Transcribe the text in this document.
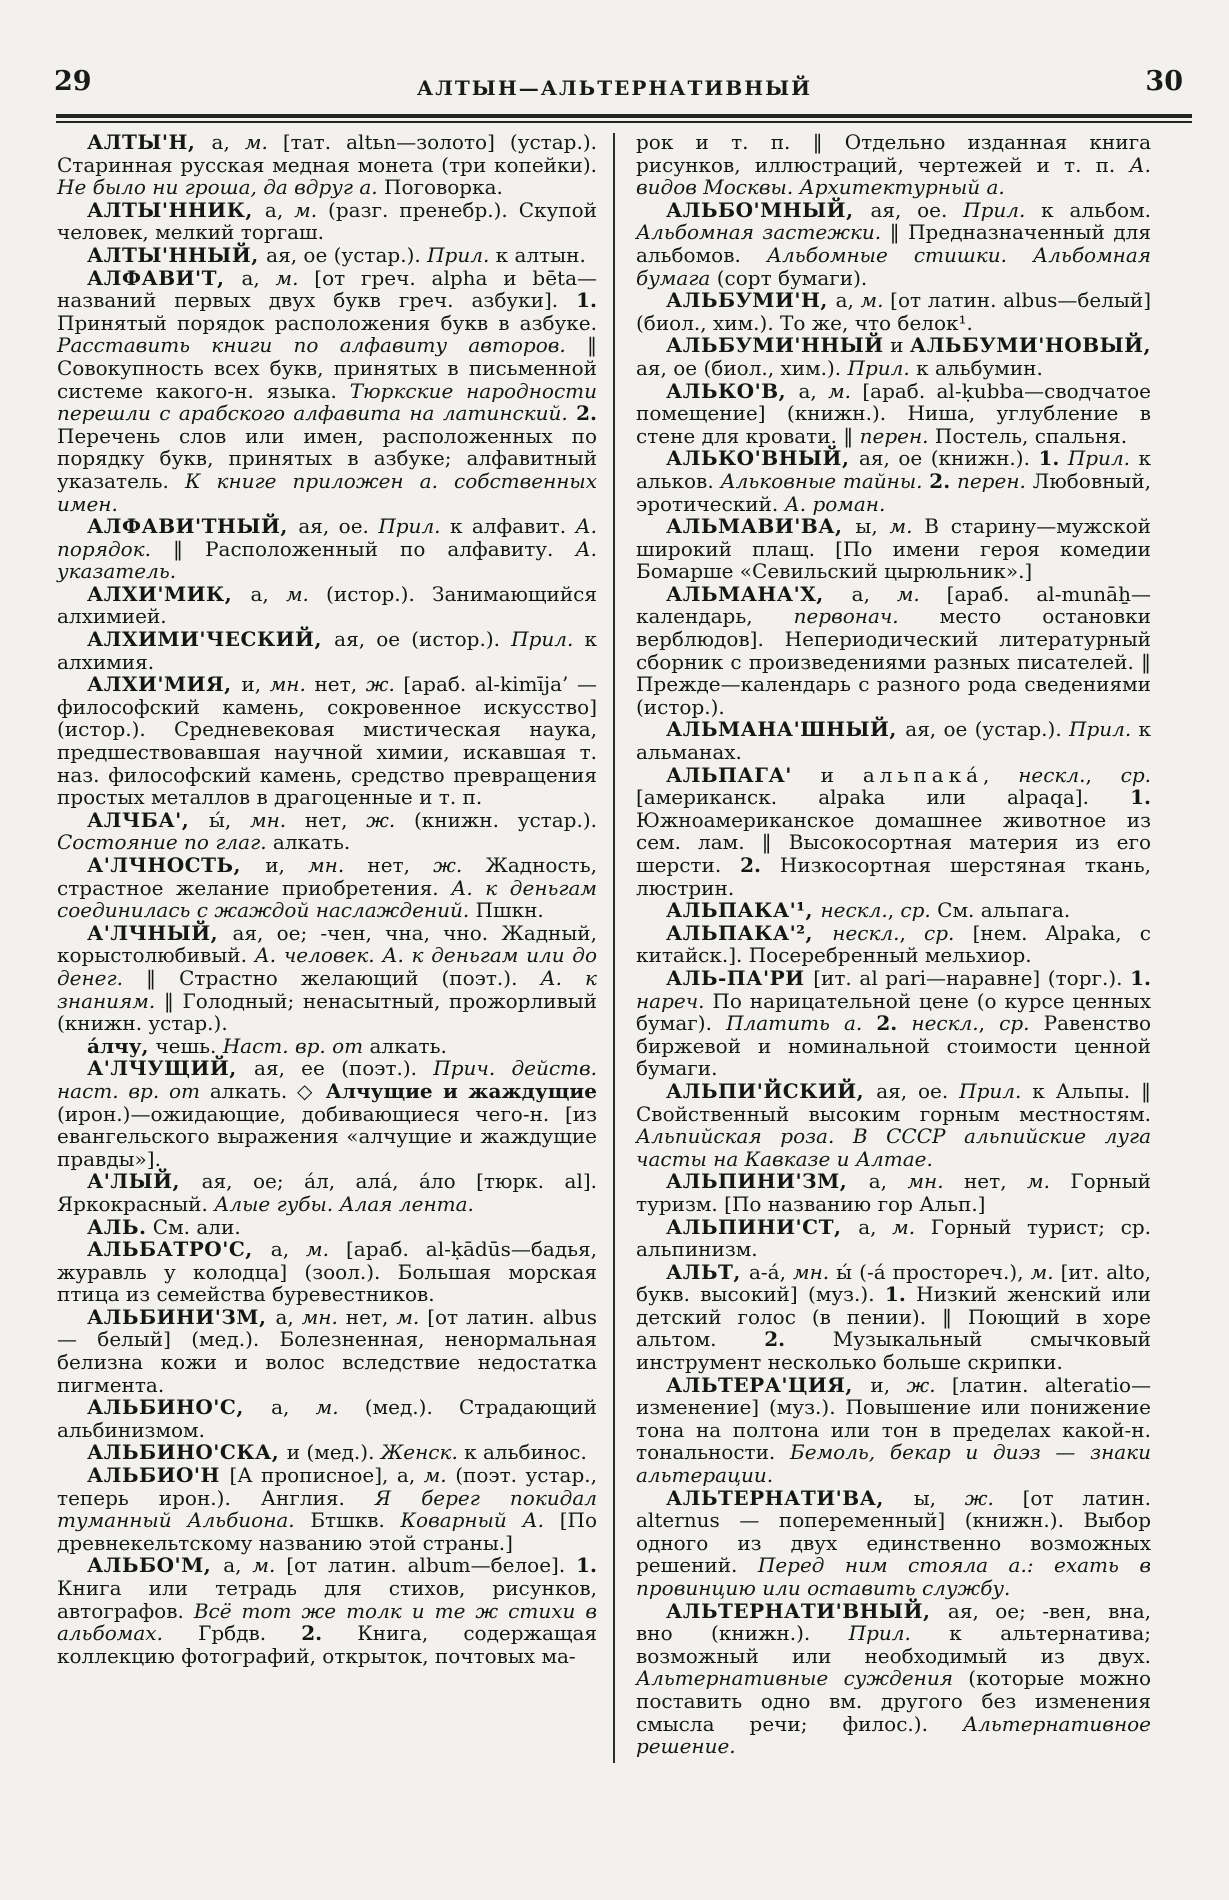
29	АЛТЫН—АЛЬТЕРНАТИВНЫЙ	30

АЛТЫ'Н, а, м. [тат. altьn—золото] (устар.). Старинная русская медная монета (три копейки). Не было ни гроша, да вдруг а. Поговорка.

АЛТЫ'ННИК, а, м. (разг. пренебр.). Скупой человек, мелкий торгаш.

АЛТЫ'ННЫЙ, ая, ое (устар.). Прил. к алтын.

АЛФАВИ'Т, а, м. [от греч. alpha и bēta—названий первых двух букв греч. азбуки]. 1. Принятый порядок расположения букв в азбуке. Расставить книги по алфавиту авторов. ‖ Совокупность всех букв, принятых в письменной системе какого-н. языка. Тюркские народности перешли с арабского алфавита на латинский. 2. Перечень слов или имен, расположенных по порядку букв, принятых в азбуке; алфавитный указатель. К книге приложен а. собственных имен.

АЛФАВИ'ТНЫЙ, ая, ое. Прил. к алфавит. А. порядок. ‖ Расположенный по алфавиту. А. указатель.

АЛХИ'МИК, а, м. (истор.). Занимающийся алхимией.

АЛХИМИ'ЧЕСКИЙ, ая, ое (истор.). Прил. к алхимия.

АЛХИ'МИЯ, и, мн. нет, ж. [араб. al-kimīja’ — философский камень, сокровенное искусство] (истор.). Средневековая мистическая наука, предшествовавшая научной химии, искавшая т. наз. философский камень, средство превращения простых металлов в драгоценные и т. п.

АЛЧБА', ы́, мн. нет, ж. (книжн. устар.). Состояние по глаг. алкать.

А'ЛЧНОСТЬ, и, мн. нет, ж. Жадность, страстное желание приобретения. А. к деньгам соединилась с жаждой наслаждений. Пшкн.

А'ЛЧНЫЙ, ая, ое; -чен, чна, чно. Жадный, корыстолюбивый. А. человек. А. к деньгам или до денег. ‖ Страстно желающий (поэт.). А. к знаниям. ‖ Голодный; ненасытный, прожорливый (книжн. устар.).

а́лчу, чешь. Наст. вр. от алкать.

А'ЛЧУЩИЙ, ая, ее (поэт.). Прич. действ. наст. вр. от алкать. ◇ Алчущие и жаждущие (ирон.)—ожидающие, добивающиеся чего-н. [из евангельского выражения «алчущие и жаждущие правды»].

А'ЛЫЙ, ая, ое; а́л, ала́, а́ло [тюрк. al]. Яркокрасный. Алые губы. Алая лента.

АЛЬ. См. али.

АЛЬБАТРО'С, а, м. [араб. al-ḳādūs—бадья, журавль у колодца] (зоол.). Большая морская птица из семейства буревестников.

АЛЬБИНИ'ЗМ, а, мн. нет, м. [от латин. albus — белый] (мед.). Болезненная, ненормальная белизна кожи и волос вследствие недостатка пигмента.

АЛЬБИНО'С, а, м. (мед.). Страдающий альбинизмом.

АЛЬБИНО'СКА, и (мед.). Женск. к альбинос.

АЛЬБИО'Н [А прописное], а, м. (поэт. устар., теперь ирон.). Англия. Я берег покидал туманный Альбиона. Бтшкв. Коварный А. [По древнекельтскому названию этой страны.]

АЛЬБО'М, а, м. [от латин. album—белое]. 1. Книга или тетрадь для стихов, рисунков, автографов. Всё тот же толк и те ж стихи в альбомах. Грбдв. 2. Книга, содержащая коллекцию фотографий, открыток, почтовых ма-

рок и т. п. ‖ Отдельно изданная книга рисунков, иллюстраций, чертежей и т. п. А. видов Москвы. Архитектурный а.

АЛЬБО'МНЫЙ, ая, ое. Прил. к альбом. Альбомная застежки. ‖ Предназначенный для альбомов. Альбомные стишки. Альбомная бумага (сорт бумаги).

АЛЬБУМИ'Н, а, м. [от латин. albus—белый] (биол., хим.). То же, что белок¹.

АЛЬБУМИ'ННЫЙ и АЛЬБУМИ'НОВЫЙ, ая, ое (биол., хим.). Прил. к альбумин.

АЛЬКО'В, а, м. [араб. al-ḳubba—сводчатое помещение] (книжн.). Ниша, углубление в стене для кровати. ‖ перен. Постель, спальня.

АЛЬКО'ВНЫЙ, ая, ое (книжн.). 1. Прил. к альков. Альковные тайны. 2. перен. Любовный, эротический. А. роман.

АЛЬМАВИ'ВА, ы, м. В старину—мужской широкий плащ. [По имени героя комедии Бомарше «Севильский цырюльник».]

АЛЬМАНА'Х, а, м. [араб. al-munāẖ—календарь, первонач. место остановки верблюдов]. Непериодический литературный сборник с произведениями разных писателей. ‖ Прежде—календарь с разного рода сведениями (истор.).

АЛЬМАНА'ШНЫЙ, ая, ое (устар.). Прил. к альманах.

АЛЬПАГА' и альпака́, нескл., ср. [американск. alpaka или alpaqa]. 1. Южноамериканское домашнее животное из сем. лам. ‖ Высокосортная материя из его шерсти. 2. Низкосортная шерстяная ткань, люстрин.

АЛЬПАКА'¹, нескл., ср. См. альпага.

АЛЬПАКА'², нескл., ср. [нем. Alpaka, с китайск.]. Посеребренный мельхиор.

АЛЬ-ПА'РИ [ит. al pari—наравне] (торг.). 1. нареч. По нарицательной цене (о курсе ценных бумаг). Платить а. 2. нескл., ср. Равенство биржевой и номинальной стоимости ценной бумаги.

АЛЬПИ'ЙСКИЙ, ая, ое. Прил. к Альпы. ‖ Свойственный высоким горным местностям. Альпийская роза. В СССР альпийские луга часты на Кавказе и Алтае.

АЛЬПИНИ'ЗМ, а, мн. нет, м. Горный туризм. [По названию гор Альп.]

АЛЬПИНИ'СТ, а, м. Горный турист; ср. альпинизм.

АЛЬТ, а-а́, мн. ы́ (-а́ простореч.), м. [ит. alto, букв. высокий] (муз.). 1. Низкий женский или детский голос (в пении). ‖ Поющий в хоре альтом. 2. Музыкальный смычковый инструмент несколько больше скрипки.

АЛЬТЕРА'ЦИЯ, и, ж. [латин. alteratio—изменение] (муз.). Повышение или понижение тона на полтона или тон в пределах какой-н. тональности. Бемоль, бекар и диэз — знаки альтерации.

АЛЬТЕРНАТИ'ВА, ы, ж. [от латин. alternus — попеременный] (книжн.). Выбор одного из двух единственно возможных решений. Перед ним стояла а.: ехать в провинцию или оставить службу.

АЛЬТЕРНАТИ'ВНЫЙ, ая, ое; -вен, вна, вно (книжн.). Прил. к альтернатива; возможный или необходимый из двух. Альтернативные суждения (которые можно поставить одно вм. другого без изменения смысла речи; филос.). Альтернативное решение.
